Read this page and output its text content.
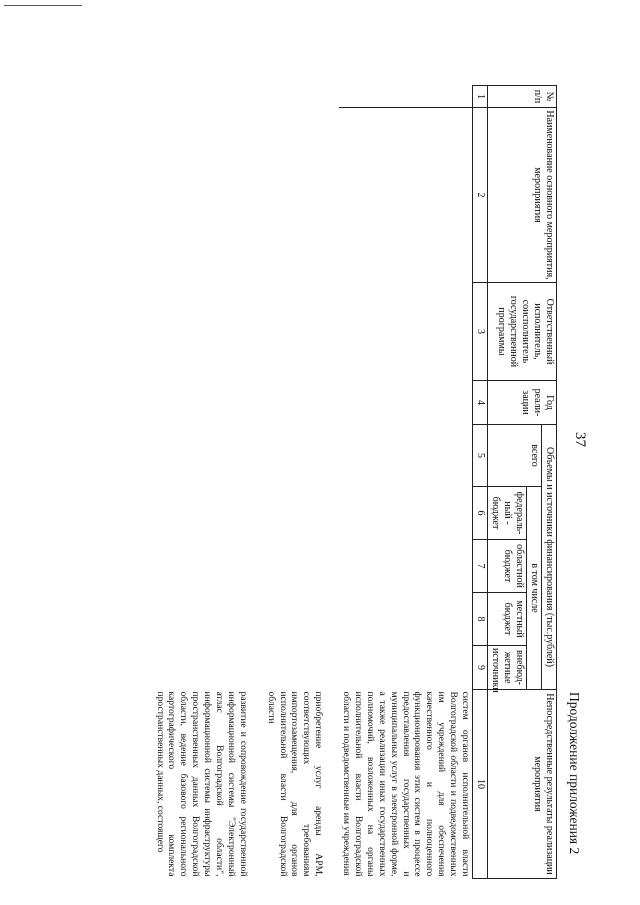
37
Продолжение приложения 2
№ п/п	Наименование основного мероприятия, мероприятия	Ответственный исполнитель, соисполнитель государственной программы	Год реали-зации	Объемы и источники финансирования (тыс.рублей)					Непосредственные результаты реализации мероприятия
				всего	в том числе				
					федераль-ный - бюджет	областной бюджет	местный бюджет	внебюд-жетные источники	
1	2	3	4	5	6	7	8	9	10
									систем органов исполнительной власти Волгоградской области и подведомственных им учреждений для обеспечения качественного и полноценного функционирования этих систем в процессе предоставления государственных и муниципальных услуг в электронной форме, а также реализации иных государственных полномочий, возложенных на органы исполнительной власти Волгоградской области и подведомственные им учреждения

									приобретение услуг аренды АРМ, соответствующих требованиям импортозамещения, для органов исполнительной власти Волгоградской области

									развитие и сопровождение государственной информационной системы "Электронный атлас Волгоградской области", информационной системы инфраструктуры пространственных данных Волгоградской области, ведение базового регионального картографического комплекта пространственных данных, состоящего
